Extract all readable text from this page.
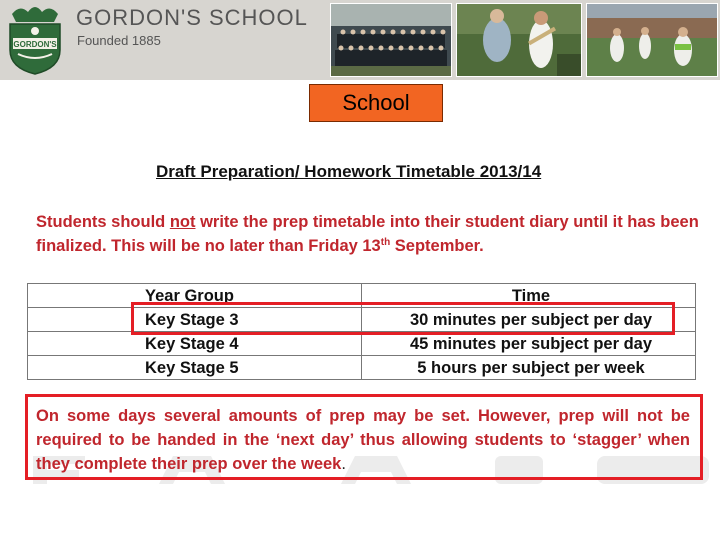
GORDON'S
GORDON'S SCHOOL
Founded 1885
School
Draft Preparation/ Homework Timetable 2013/14
Students should not write the prep timetable into their student diary until it has been finalized. This will be no later than Friday 13th September.
Year Group	Time
Key Stage 3	30 minutes per subject per day
Key Stage 4	45 minutes per subject per day
Key Stage 5	5 hours per subject per week
On some days several amounts of prep may be set. However, prep will not be required to be handed in the ‘next day’ thus allowing students to ‘stagger’ when they complete their prep over the week.
